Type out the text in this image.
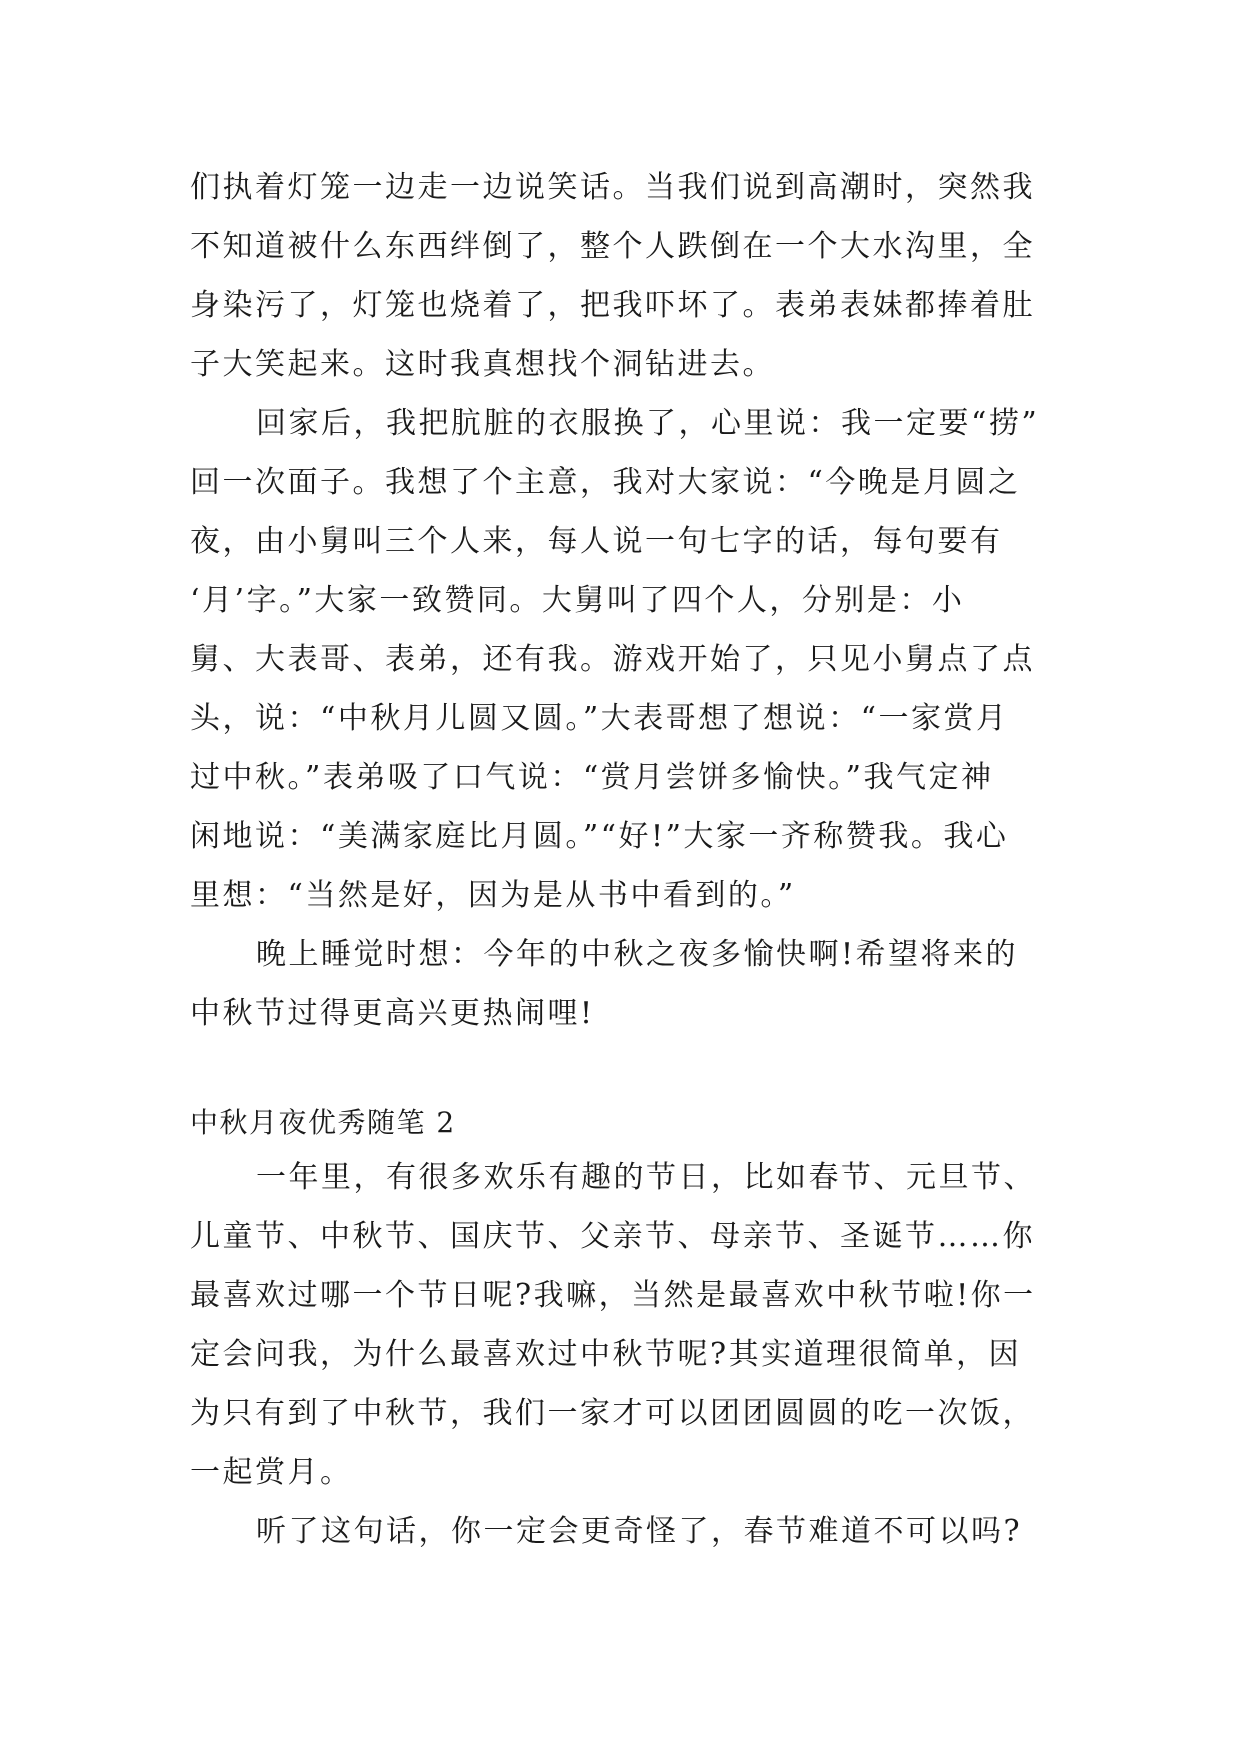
们执着灯笼一边走一边说笑话。当我们说到高潮时，突然我
不知道被什么东西绊倒了，整个人跌倒在一个大水沟里，全
身染污了，灯笼也烧着了，把我吓坏了。表弟表妹都捧着肚
子大笑起来。这时我真想找个洞钻进去。
回家后，我把肮脏的衣服换了，心里说：我一定要“捞”
回一次面子。我想了个主意，我对大家说：“今晚是月圆之
夜，由小舅叫三个人来，每人说一句七字的话，每句要有
‘月’字。”大家一致赞同。大舅叫了四个人，分别是：小
舅、大表哥、表弟，还有我。游戏开始了，只见小舅点了点
头，说：“中秋月儿圆又圆。”大表哥想了想说：“一家赏月
过中秋。”表弟吸了口气说：“赏月尝饼多愉快。”我气定神
闲地说：“美满家庭比月圆。”“好!”大家一齐称赞我。我心
里想：“当然是好，因为是从书中看到的。”
晚上睡觉时想：今年的中秋之夜多愉快啊!希望将来的
中秋节过得更高兴更热闹哩!
中秋月夜优秀随笔 2
一年里，有很多欢乐有趣的节日，比如春节、元旦节、
儿童节、中秋节、国庆节、父亲节、母亲节、圣诞节……你
最喜欢过哪一个节日呢?我嘛，当然是最喜欢中秋节啦!你一
定会问我，为什么最喜欢过中秋节呢?其实道理很简单，因
为只有到了中秋节，我们一家才可以团团圆圆的吃一次饭，
一起赏月。
听了这句话，你一定会更奇怪了，春节难道不可以吗?
